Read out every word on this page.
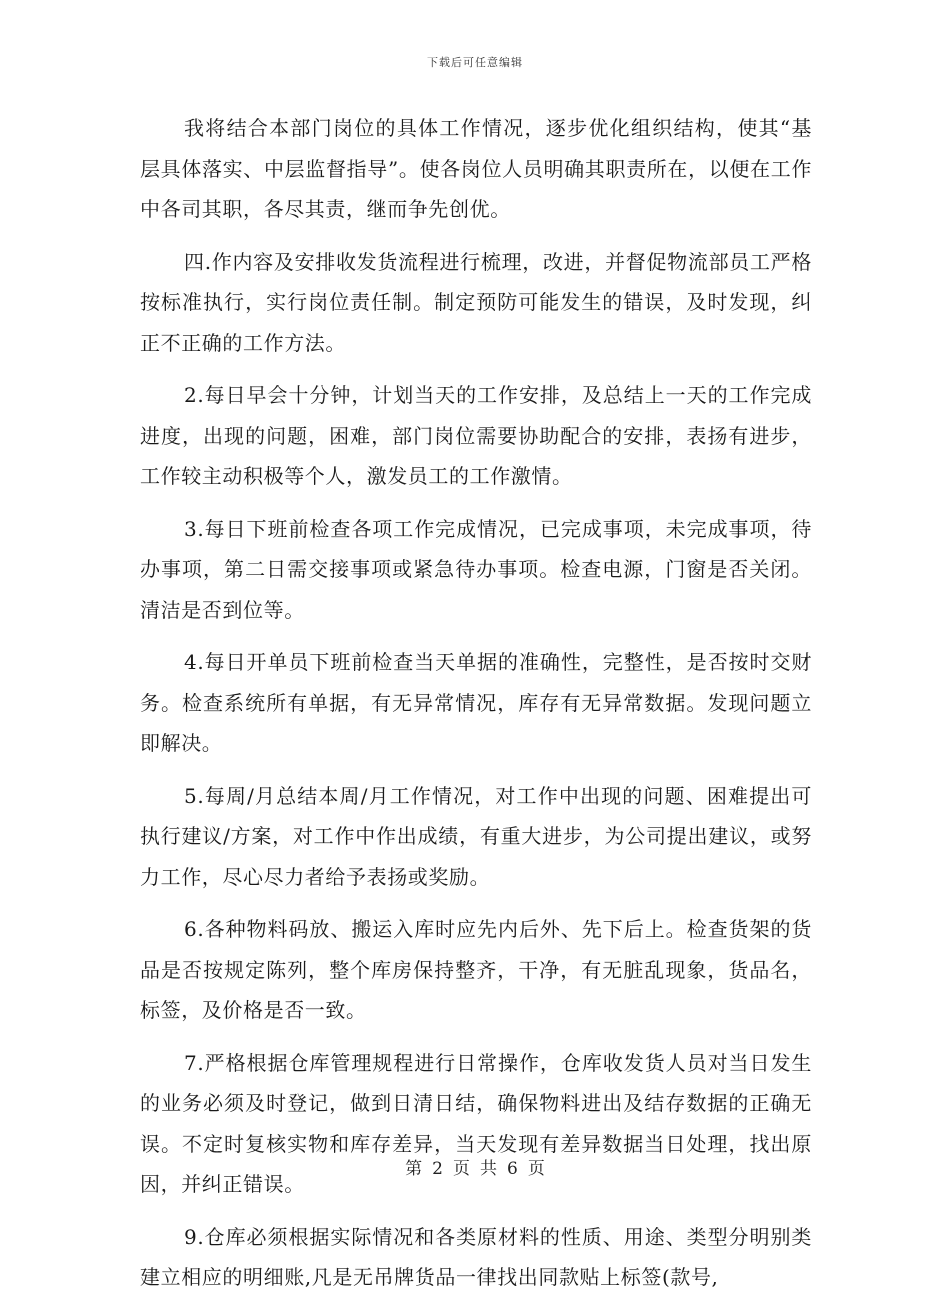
下载后可任意编辑

我将结合本部门岗位的具体工作情况，逐步优化组织结构，使其“基层具体落实、中层监督指导”。使各岗位人员明确其职责所在，以便在工作中各司其职，各尽其责，继而争先创优。

四.作内容及安排收发货流程进行梳理，改进，并督促物流部员工严格按标准执行，实行岗位责任制。制定预防可能发生的错误，及时发现，纠正不正确的工作方法。

2.每日早会十分钟，计划当天的工作安排，及总结上一天的工作完成进度，出现的问题，困难，部门岗位需要协助配合的安排，表扬有进步，工作较主动积极等个人，激发员工的工作激情。

3.每日下班前检查各项工作完成情况，已完成事项，未完成事项，待办事项，第二日需交接事项或紧急待办事项。检查电源，门窗是否关闭。清洁是否到位等。

4.每日开单员下班前检查当天单据的准确性，完整性，是否按时交财务。检查系统所有单据，有无异常情况，库存有无异常数据。发现问题立即解决。

5.每周/月总结本周/月工作情况，对工作中出现的问题、困难提出可执行建议/方案，对工作中作出成绩，有重大进步，为公司提出建议，或努力工作，尽心尽力者给予表扬或奖励。

6.各种物料码放、搬运入库时应先内后外、先下后上。检查货架的货品是否按规定陈列，整个库房保持整齐，干净，有无脏乱现象，货品名，标签，及价格是否一致。

7.严格根据仓库管理规程进行日常操作，仓库收发货人员对当日发生的业务必须及时登记，做到日清日结，确保物料进出及结存数据的正确无误。不定时复核实物和库存差异，当天发现有差异数据当日处理，找出原因，并纠正错误。

9.仓库必须根据实际情况和各类原材料的性质、用途、类型分明别类建立相应的明细账,凡是无吊牌货品一律找出同款贴上标签(款号,

第 2 页 共 6 页
